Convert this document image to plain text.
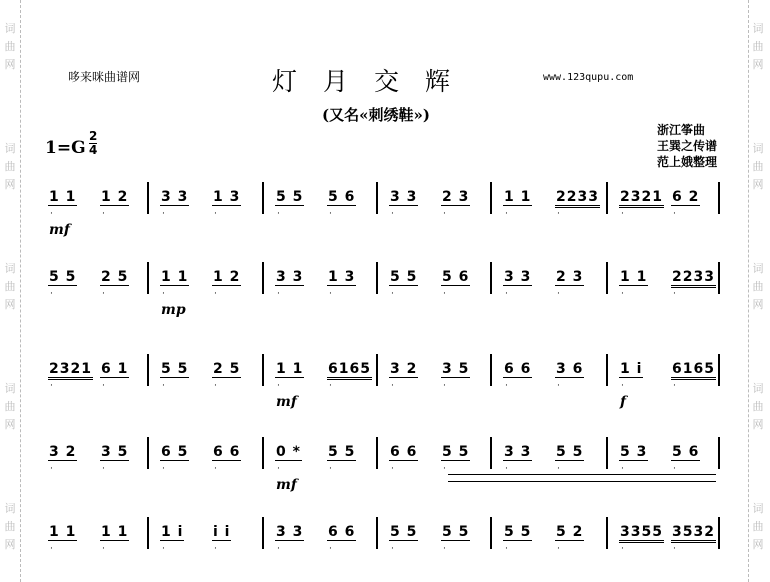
词
曲
网
词
曲
网
词
曲
网
词
曲
网
词
曲
网
词
曲
网
词
曲
网
词
曲
网
词
曲
网
词
曲
网
哆来咪曲谱网	灯月交辉	www.123qupu.com
(又名«刺绣鞋»)
1=G
2
4
浙江筝曲
王巽之传谱
范上娥整理
1 1
·
1 2
·
3 3
·
1 3
·
5 5
·
5 6
·
3 3
·
2 3
·
1 1
·
2233
·
2321
·
6 2
·
mf
5 5
·
2 5
·
1 1
·
1 2
·
3 3
·
1 3
·
5 5
·
5 6
·
3 3
·
2 3
·
1 1
·
2233
·
mp
2321
·
6 1
·
5 5
·
2 5
·
1 1
·
6165
·
3 2
·
3 5
·
6 6
·
3 6
·
1 i
·
6165
·
mf	f
3 2
·
3 5
·
6 5
·
6 6
·
0 *
·
5 5
·
6 6
·
5 5
·
3 3
·
5 5
·
5 3
·
5 6
·
mf
1 1
·
1 1
·
1 i
·
i i
·
3 3
·
6 6
·
5 5
·
5 5
·
5 5
·
5 2
·
3355
·
3532
·
